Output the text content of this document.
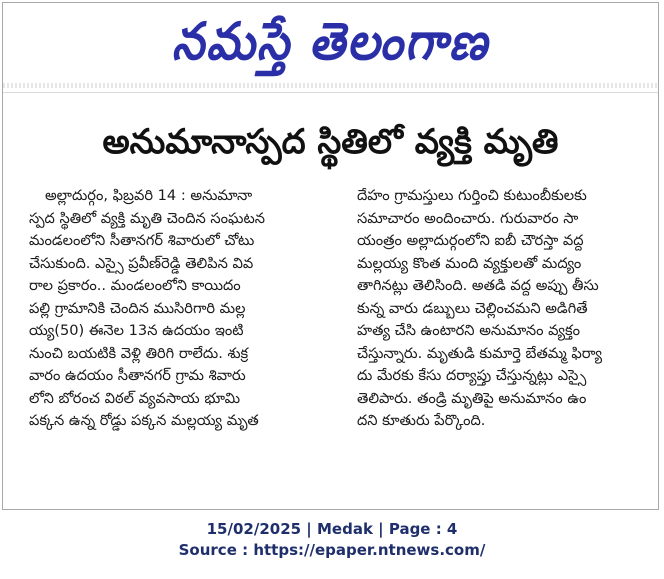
నమస్తే తెలంగాణ
అనుమానాస్పద స్థితిలో వ్యక్తి మృతి
అల్లాదుర్గం, ఫిబ్రవరి 14 : అనుమానా
స్పద స్థితిలో వ్యక్తి మృతి చెందిన సంఘటన
మండలంలోని సీతానగర్ శివారులో చోటు
చేసుకుంది. ఎస్సై ప్రవీణ్‌రెడ్డి తెలిపిన వివ
రాల ప్రకారం.. మండలంలోని కాయిదం
పల్లి గ్రామానికి చెందిన ముసిరిగారి మల్ల
య్య(50) ఈనెల 13న ఉదయం ఇంటి
నుంచి బయటికి వెళ్లి తిరిగి రాలేదు. శుక్ర
వారం ఉదయం సీతానగర్ గ్రామ శివారు
లోని బోరంచ విఠల్ వ్యవసాయ భూమి
పక్కన ఉన్న రోడ్డు పక్కన మల్లయ్య మృత
దేహం గ్రామస్తులు గుర్తించి కుటుంబీకులకు
సమాచారం అందించారు. గురువారం సా
యంత్రం అల్లాదుర్గంలోని ఐబీ చౌరస్తా వద్ద
మల్లయ్య కొంత మంది వ్యక్తులతో మద్యం
తాగినట్లు తెలిసింది. అతడి వద్ద అప్పు తీసు
కున్న వారు డబ్బులు చెల్లించమని అడిగితే
హత్య చేసి ఉంటారని అనుమానం వ్యక్తం
చేస్తున్నారు. మృతుడి కుమార్తె బేతమ్మ ఫిర్యా
దు మేరకు కేసు దర్యాప్తు చేస్తున్నట్లు ఎస్సై
తెలిపారు. తండ్రి మృతిపై అనుమానం ఉం
దని కూతురు పేర్కొంది.
15/02/2025 | Medak | Page : 4
Source : https://epaper.ntnews.com/
